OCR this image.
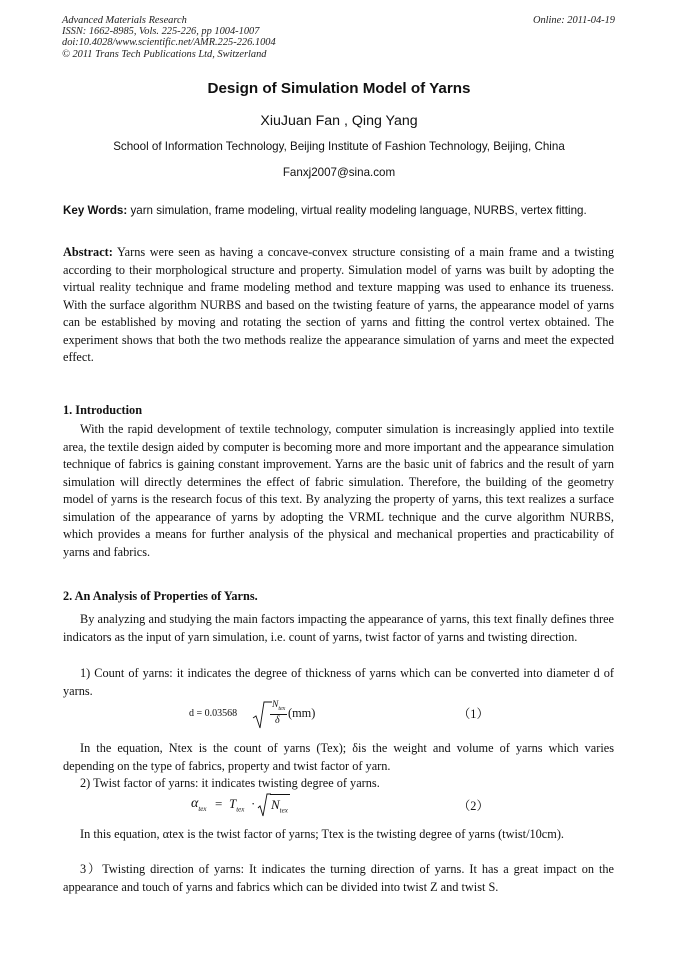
Advanced Materials Research
ISSN: 1662-8985, Vols. 225-226, pp 1004-1007
doi:10.4028/www.scientific.net/AMR.225-226.1004
© 2011 Trans Tech Publications Ltd, Switzerland
Online: 2011-04-19
Design of Simulation Model of Yarns
XiuJuan Fan , Qing Yang
School of Information Technology, Beijing Institute of Fashion Technology, Beijing, China
Fanxj2007@sina.com
Key Words: yarn simulation, frame modeling, virtual reality modeling language, NURBS, vertex fitting.
Abstract: Yarns were seen as having a concave-convex structure consisting of a main frame and a twisting according to their morphological structure and property. Simulation model of yarns was built by adopting the virtual reality technique and frame modeling method and texture mapping was used to enhance its trueness. With the surface algorithm NURBS and based on the twisting feature of yarns, the appearance model of yarns can be established by moving and rotating the section of yarns and fitting the control vertex obtained. The experiment shows that both the two methods realize the appearance simulation of yarns and meet the expected effect.
1. Introduction
With the rapid development of textile technology, computer simulation is increasingly applied into textile area, the textile design aided by computer is becoming more and more important and the appearance simulation technique of fabrics is gaining constant improvement. Yarns are the basic unit of fabrics and the result of yarn simulation will directly determines the effect of fabric simulation. Therefore, the building of the geometry model of yarns is the research focus of this text. By analyzing the property of yarns, this text realizes a surface simulation of the appearance of yarns by adopting the VRML technique and the curve algorithm NURBS, which provides a means for further analysis of the physical and mechanical properties and practicability of yarns and fabrics.
2. An Analysis of Properties of Yarns.
By analyzing and studying the main factors impacting the appearance of yarns, this text finally defines three indicators as the input of yarn simulation, i.e. count of yarns, twist factor of yarns and twisting direction.
1) Count of yarns: it indicates the degree of thickness of yarns which can be converted into diameter d of yarns.
d = 0.03568
$N_{tex}$
δ
(mm)	（1）
In the equation, Ntex is the count of yarns (Tex); δis the weight and volume of yarns which varies depending on the type of fabrics, property and twist factor of yarn.
2) Twist factor of yarns: it indicates twisting degree of yarns.
$\alpha_{tex} = T_{tex} \cdot N_{tex}$	（2）
In this equation, αtex is the twist factor of yarns; Ttex is the twisting degree of yarns (twist/10cm).
3）Twisting direction of yarns: It indicates the turning direction of yarns. It has a great impact on the appearance and touch of yarns and fabrics which can be divided into twist Z and twist S.
